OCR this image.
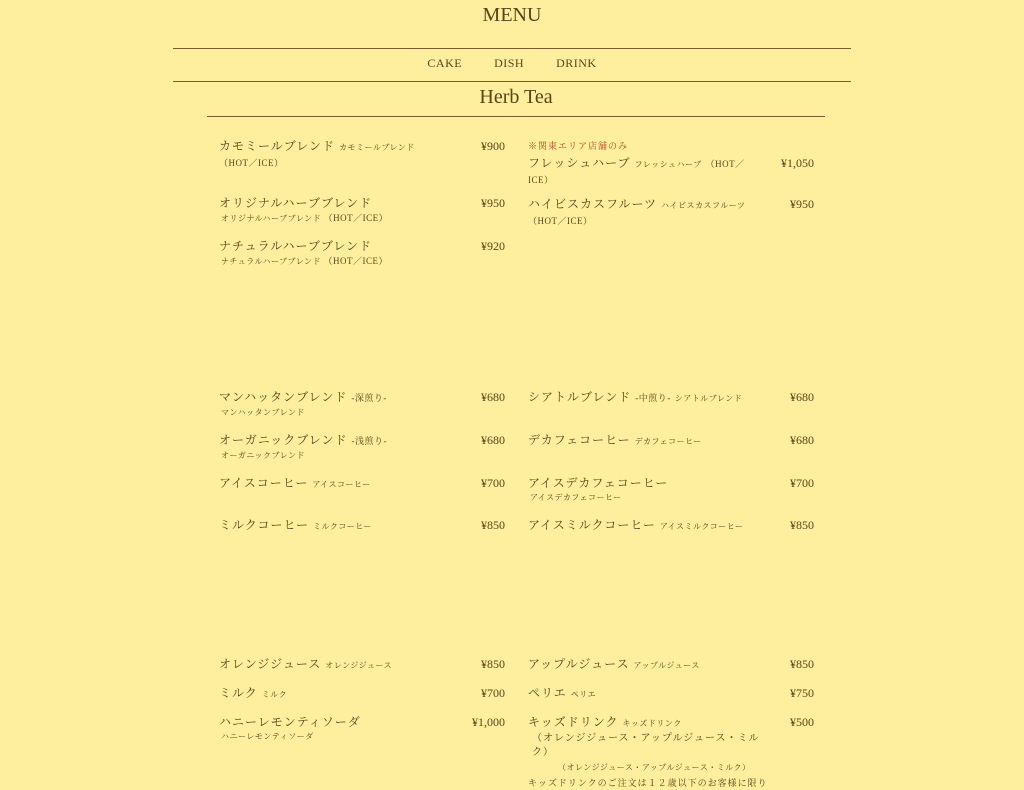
MENU
CAKE	DISH	DRINK
Herb Tea
カモミールブレンド カモミールブレンド
（HOT／ICE）
¥900
オリジナルハーブブレンド
オリジナルハーブブレンド （HOT／ICE）
¥950
ナチュラルハーブブレンド
ナチュラルハーブブレンド （HOT／ICE）
¥920
※関東エリア店舗のみ
フレッシュハーブ フレッシュハーブ （HOT／ICE）
¥1,050
ハイビスカスフルーツ ハイビスカスフルーツ
（HOT／ICE）
¥950
マンハッタンブレンド -深煎り-
マンハッタンブレンド
¥680
オーガニックブレンド -浅煎り-
オーガニックブレンド
¥680
アイスコーヒー アイスコーヒー	¥700
ミルクコーヒー ミルクコーヒー	¥850
シアトルブレンド -中煎り- シアトルブレンド	¥680
デカフェコーヒー デカフェコーヒー	¥680
アイスデカフェコーヒー
アイスデカフェコーヒー
¥700
アイスミルクコーヒー アイスミルクコーヒー	¥850
オレンジジュース オレンジジュース	¥850
ミルク ミルク	¥700
ハニーレモンティソーダ
ハニーレモンティソーダ
¥1,000
アップルジュース アップルジュース	¥850
ペリエ ペリエ	¥750
キッズドリンク キッズドリンク
（オレンジジュース・アップルジュース・ミルク）
（オレンジジュース・アップルジュース・ミルク）
キッズドリンクのご注文は１２歳以下のお客様に限り
¥500
